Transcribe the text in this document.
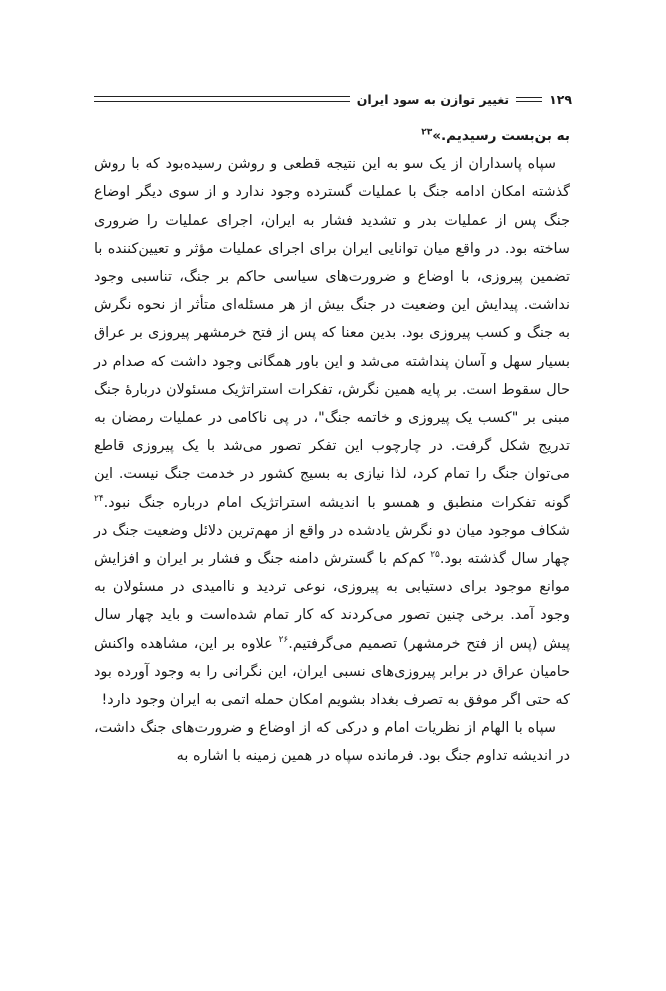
۱۲۹
تغییر توازن به سود ایران

به بن‌بست رسیدیم.»$^{۲۳}$

سپاه پاسداران از یک سو به این نتیجه قطعی و روشن رسیده‌بود که با روش گذشته امکان ادامه جنگ با عملیات گسترده وجود ندارد و از سوی دیگر اوضاع جنگ پس از عملیات بدر و تشدید فشار به ایران، اجرای عملیات را ضروری ساخته بود. در واقع میان توانایی ایران برای اجرای عملیات مؤثر و تعیین‌کننده با تضمین پیروزی، با اوضاع و ضرورت‌های سیاسی حاکم بر جنگ، تناسبی وجود نداشت. پیدایش این وضعیت در جنگ بیش از هر مسئله‌ای متأثر از نحوه نگرش به جنگ و کسب پیروزی بود. بدین معنا که پس از فتح خرمشهر پیروزی بر عراق بسیار سهل و آسان پنداشته می‌شد و این باور همگانی وجود داشت که صدام در حال سقوط است. بر پایه همین نگرش، تفکرات استراتژیک مسئولان دربارهٔ جنگ مبنی بر "کسب یک پیروزی و خاتمه جنگ"، در پی ناکامی در عملیات رمضان به تدریج شکل گرفت. در چارچوب این تفکر تصور می‌شد با یک پیروزی قاطع می‌توان جنگ را تمام کرد، لذا نیازی به بسیج کشور در خدمت جنگ نیست. این گونه تفکرات منطبق و همسو با اندیشه استراتژیک امام درباره جنگ نبود.$^{۲۴}$ شکاف موجود میان دو نگرش یادشده در واقع از مهم‌ترین دلائل وضعیت جنگ در چهار سال گذشته بود.$^{۲۵}$ کم‌کم با گسترش دامنه جنگ و فشار بر ایران و افزایش موانع موجود برای دستیابی به پیروزی، نوعی تردید و ناامیدی در مسئولان به وجود آمد. برخی چنین تصور می‌کردند که کار تمام شده‌است و باید چهار سال پیش (پس از فتح خرمشهر) تصمیم می‌گرفتیم.$^{۲۶}$ علاوه بر این، مشاهده واکنش حامیان عراق در برابر پیروزی‌های نسبی ایران، این نگرانی را به وجود آورده بود که حتی اگر موفق به تصرف بغداد بشویم امکان حمله اتمی به ایران وجود دارد!

سپاه با الهام از نظریات امام و درکی که از اوضاع و ضرورت‌های جنگ داشت، در اندیشه تداوم جنگ بود. فرمانده سپاه در همین زمینه با اشاره به
